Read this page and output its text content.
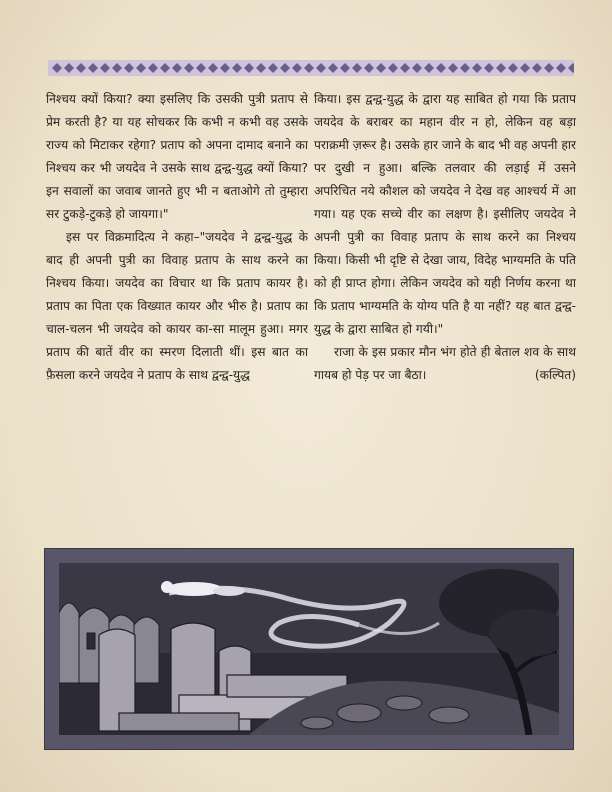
निश्चय क्यों किया? क्या इसलिए कि उसकी पुत्री प्रताप से प्रेम करती है? या यह सोचकर कि कभी न कभी वह उसके राज्य को मिटाकर रहेगा? प्रताप को अपना दामाद बनाने का निश्चय कर भी जयदेव ने उसके साथ द्वन्द्व-युद्ध क्यों किया? इन सवालों का जवाब जानते हुए भी न बताओगे तो तुम्हारा सर टुकड़े-टुकड़े हो जायगा।"

इस पर विक्रमादित्य ने कहा–"जयदेव ने द्वन्द्व-युद्ध के बाद ही अपनी पुत्री का विवाह प्रताप के साथ करने का निश्चय किया। जयदेव का विचार था कि प्रताप कायर है। प्रताप का पिता एक विख्यात कायर और भीरु है। प्रताप का चाल-चलन भी जयदेव को कायर का-सा मालूम हुआ। मगर प्रताप की बातें वीर का स्मरण दिलाती थीं। इस बात का फ़ैसला करने जयदेव ने प्रताप के साथ द्वन्द्व-युद्ध

किया। इस द्वन्द्व-युद्ध के द्वारा यह साबित हो गया कि प्रताप जयदेव के बराबर का महान वीर न हो, लेकिन वह बड़ा पराक्रमी ज़रूर है। उसके हार जाने के बाद भी वह अपनी हार पर दुखी न हुआ। बल्कि तलवार की लड़ाई में उसने अपरिचित नये कौशल को जयदेव ने देख वह आश्चर्य में आ गया। यह एक सच्चे वीर का लक्षण है। इसीलिए जयदेव ने अपनी पुत्री का विवाह प्रताप के साथ करने का निश्चय किया। किसी भी दृष्टि से देखा जाय, विदेह भाग्यमति के पति को ही प्राप्त होगा। लेकिन जयदेव को यही निर्णय करना था कि प्रताप भाग्यमति के योग्य पति है या नहीं? यह बात द्वन्द्व-युद्ध के द्वारा साबित हो गयी।"

राजा के इस प्रकार मौन भंग होते ही बेताल शव के साथ गायब हो पेड़ पर जा बैठा।	(कल्पित)
